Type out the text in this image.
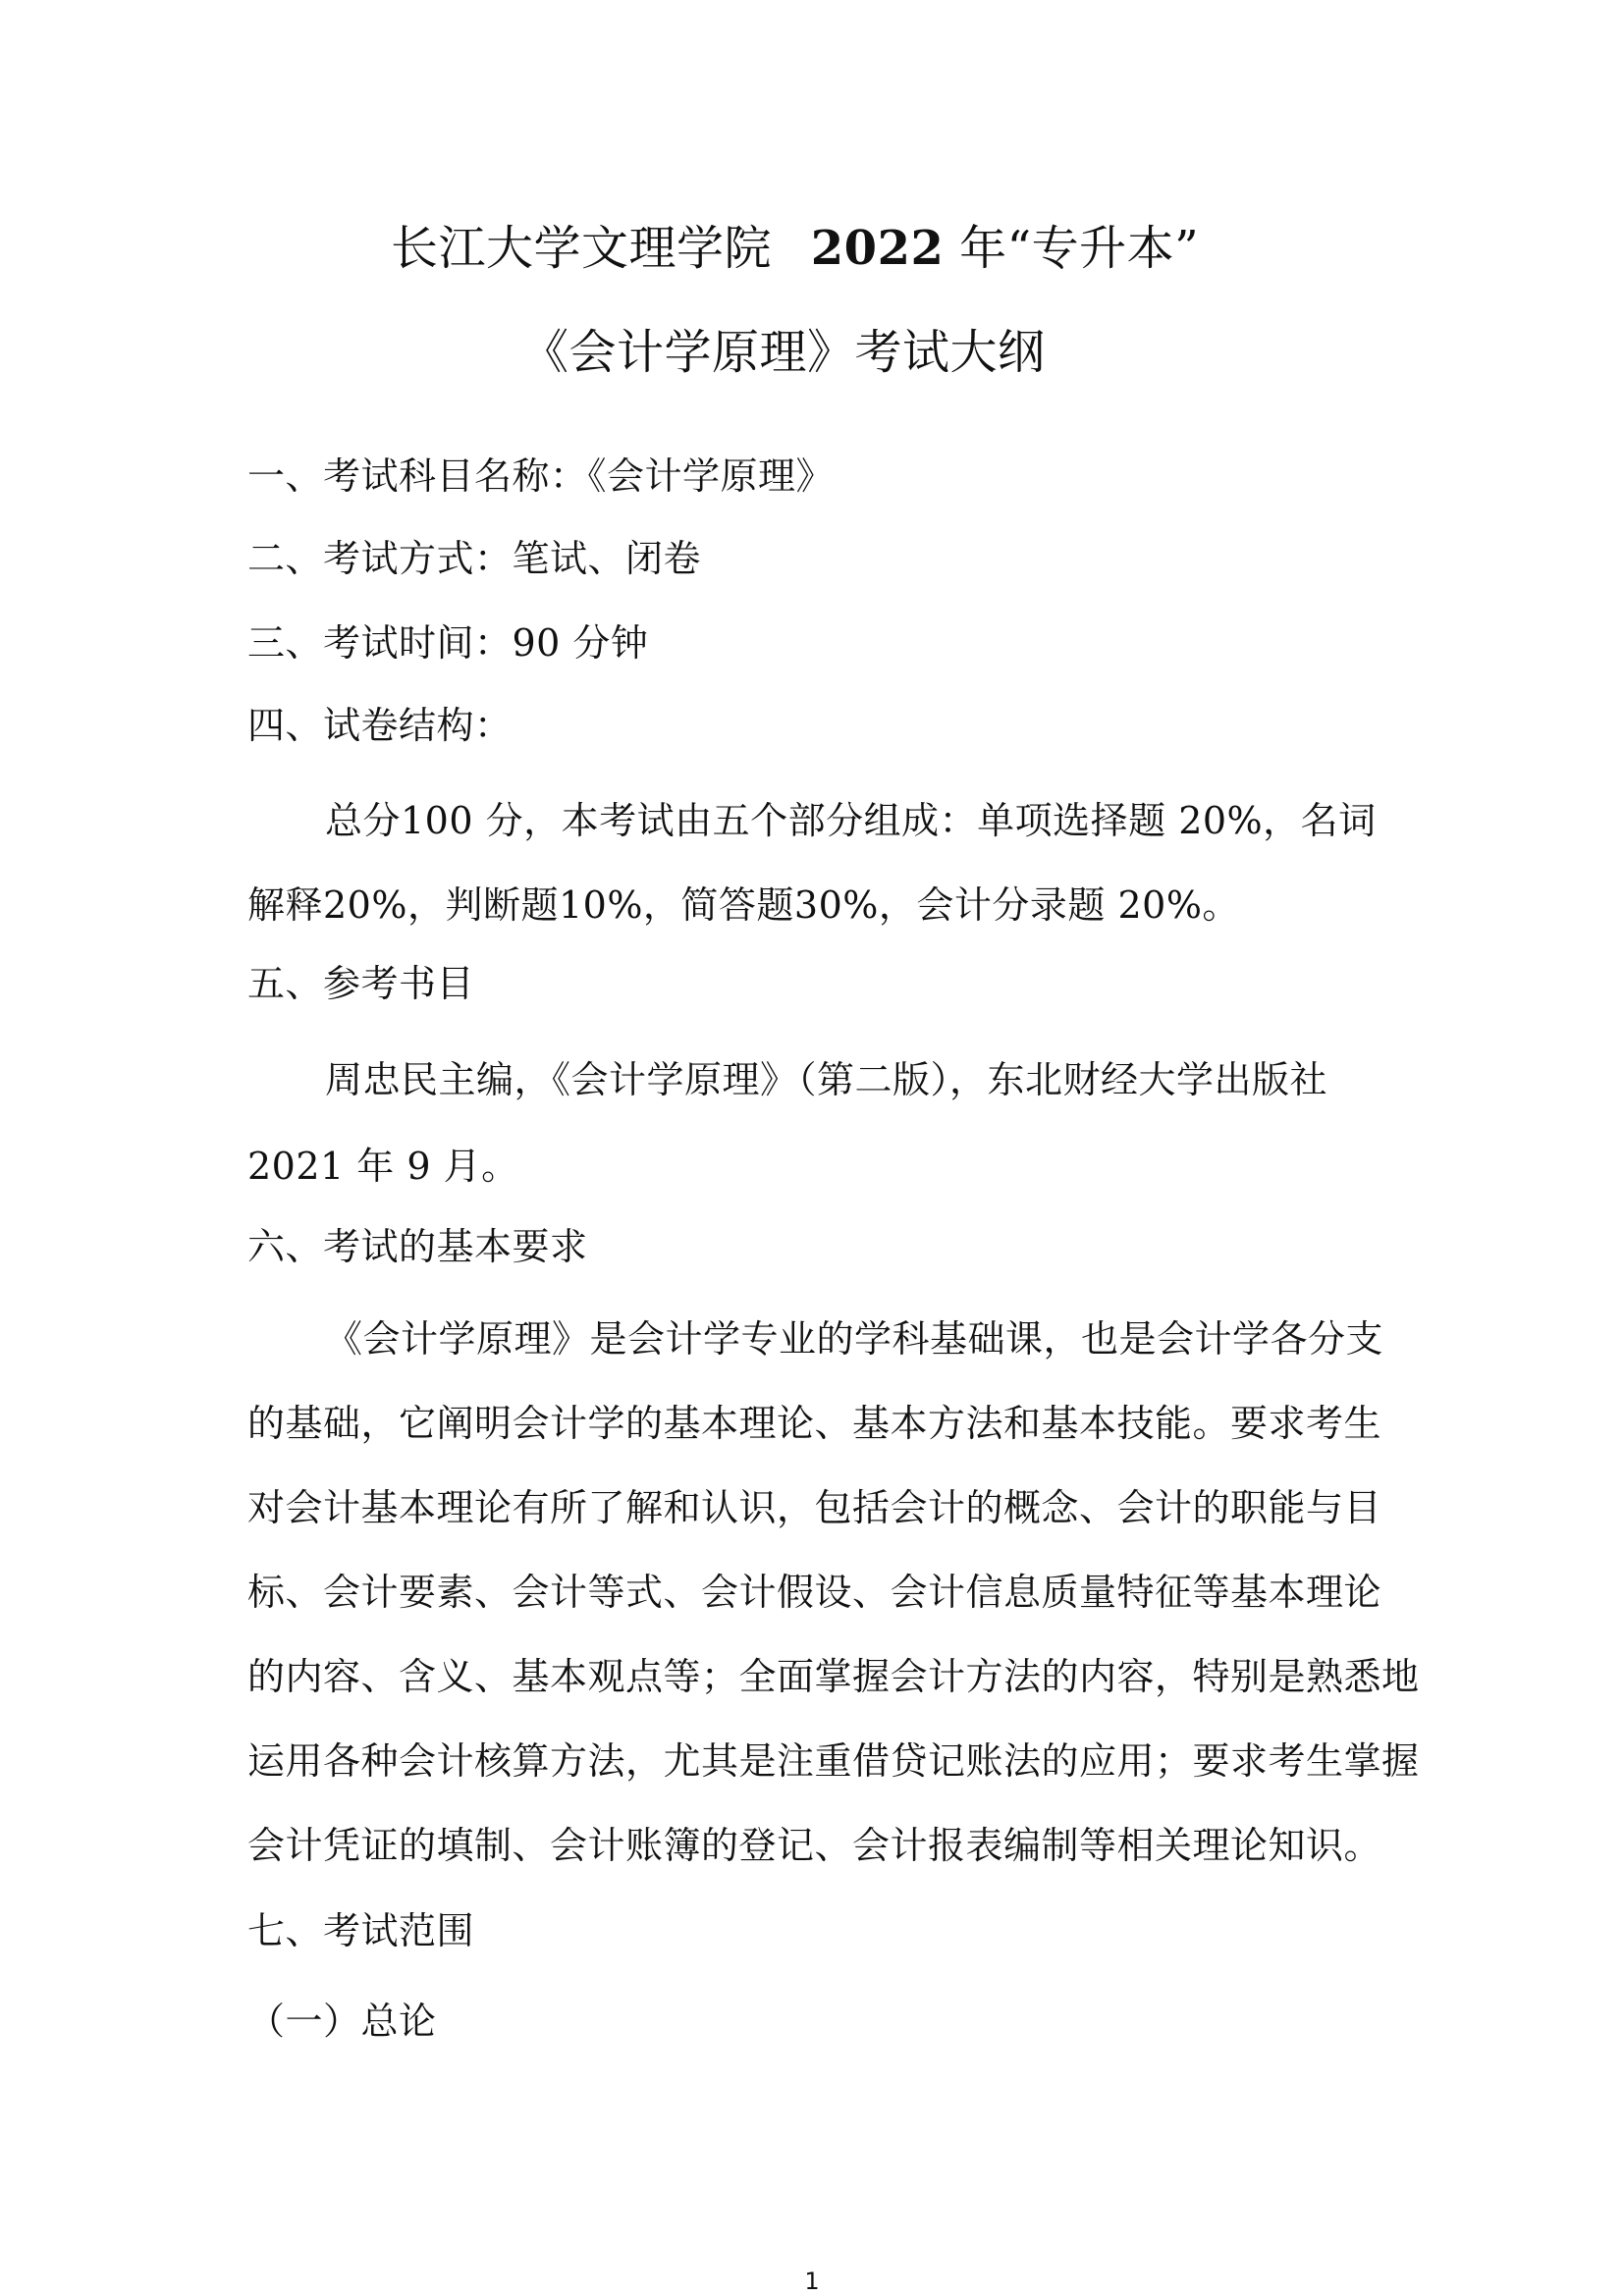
长江大学文理学院 2022 年“专升本”
《会计学原理》考试大纲
一、考试科目名称：《会计学原理》
二、考试方式：笔试、闭卷
三、考试时间：90 分钟
四、试卷结构：
总分100 分，本考试由五个部分组成：单项选择题 20%，名词
解释20%，判断题10%，简答题30%，会计分录题 20%。
五、参考书目
周忠民主编，《会计学原理》（第二版），东北财经大学出版社
2021 年 9 月。
六、考试的基本要求
《会计学原理》是会计学专业的学科基础课，也是会计学各分支
的基础，它阐明会计学的基本理论、基本方法和基本技能。要求考生
对会计基本理论有所了解和认识，包括会计的概念、会计的职能与目
标、会计要素、会计等式、会计假设、会计信息质量特征等基本理论
的内容、含义、基本观点等；全面掌握会计方法的内容，特别是熟悉地
运用各种会计核算方法，尤其是注重借贷记账法的应用；要求考生掌握
会计凭证的填制、会计账簿的登记、会计报表编制等相关理论知识。
七、考试范围
（一）总论
1
